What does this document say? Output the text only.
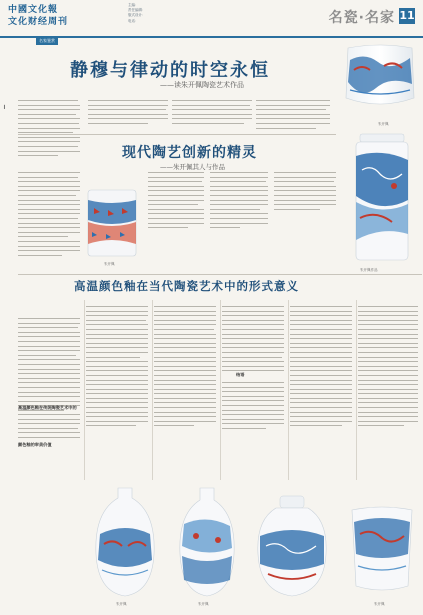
中國文化報
文化财经周刊
主编：
责任编辑：
版式设计：
电话：	名瓷·名家 11
名家鉴赏
静穆与律动的时空永恒
——读朱开佩陶瓷艺术作品
朱开佩
现代陶艺创新的精灵
——朱开佩其人与作品
▍
朱开佩
朱开佩作品
高温颜色釉在当代陶瓷艺术中的形式意义
高温颜色釉在传统陶瓷艺术中的
颜色釉的审美价值
结语
朱开佩	朱开佩	朱开佩
